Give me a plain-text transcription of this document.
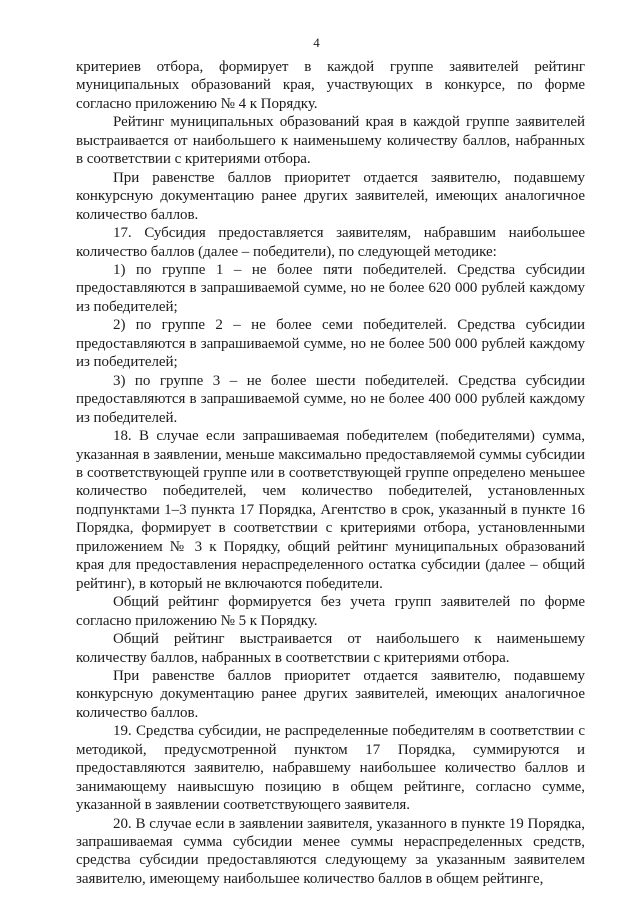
4

критериев отбора, формирует в каждой группе заявителей рейтинг муниципальных образований края, участвующих в конкурсе, по форме согласно приложению № 4 к Порядку.

Рейтинг муниципальных образований края в каждой группе заявителей выстраивается от наибольшего к наименьшему количеству баллов, набранных в соответствии с критериями отбора.

При равенстве баллов приоритет отдается заявителю, подавшему конкурсную документацию ранее других заявителей, имеющих аналогичное количество баллов.

17. Субсидия предоставляется заявителям, набравшим наибольшее количество баллов (далее – победители), по следующей методике:

1) по группе 1 – не более пяти победителей. Средства субсидии предоставляются в запрашиваемой сумме, но не более 620 000 рублей каждому из победителей;

2) по группе 2 – не более семи победителей. Средства субсидии предоставляются в запрашиваемой сумме, но не более 500 000 рублей каждому из победителей;

3) по группе 3 – не более шести победителей. Средства субсидии предоставляются в запрашиваемой сумме, но не более 400 000 рублей каждому из победителей.

18. В случае если запрашиваемая победителем (победителями) сумма, указанная в заявлении, меньше максимально предоставляемой суммы субсидии в соответствующей группе или в соответствующей группе определено меньшее количество победителей, чем количество победителей, установленных подпунктами 1–3 пункта 17 Порядка, Агентство в срок, указанный в пункте 16 Порядка, формирует в соответствии с критериями отбора, установленными приложением № 3 к Порядку, общий рейтинг муниципальных образований края для предоставления нераспределенного остатка субсидии (далее – общий рейтинг), в который не включаются победители.

Общий рейтинг формируется без учета групп заявителей по форме согласно приложению № 5 к Порядку.

Общий рейтинг выстраивается от наибольшего к наименьшему количеству баллов, набранных в соответствии с критериями отбора.

При равенстве баллов приоритет отдается заявителю, подавшему конкурсную документацию ранее других заявителей, имеющих аналогичное количество баллов.

19. Средства субсидии, не распределенные победителям в соответствии с методикой, предусмотренной пунктом 17 Порядка, суммируются и предоставляются заявителю, набравшему наибольшее количество баллов и занимающему наивысшую позицию в общем рейтинге, согласно сумме, указанной в заявлении соответствующего заявителя.

20. В случае если в заявлении заявителя, указанного в пункте 19 Порядка, запрашиваемая сумма субсидии менее суммы нераспределенных средств, средства субсидии предоставляются следующему за указанным заявителем заявителю, имеющему наибольшее количество баллов в общем рейтинге,
